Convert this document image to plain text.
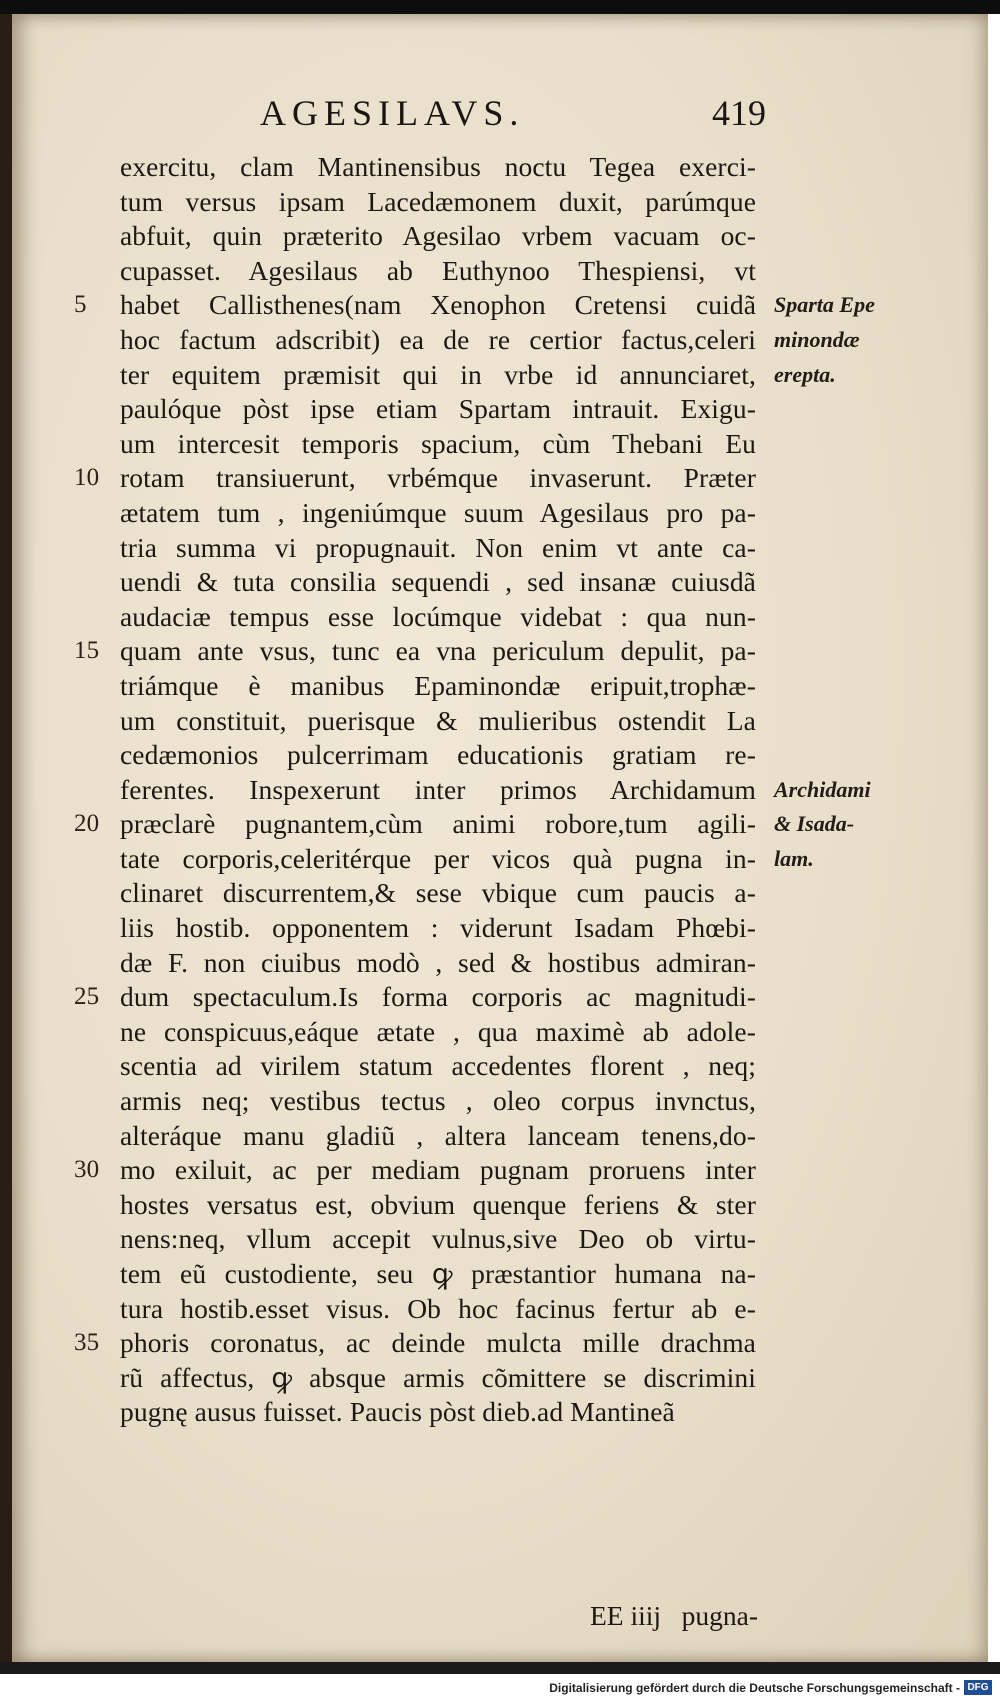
AGESILAVS.	419
exercitu, clam Mantinensibus noctu Tegea exerci-
tum versus ipsam Lacedæmonem duxit, parúmque
abfuit, quin præterito Agesilao vrbem vacuam oc-
cupasset. Agesilaus ab Euthynoo Thespiensi, vt
5	habet Callisthenes(nam Xenophon Cretensi cuidã
hoc factum adscribit) ea de re certior factus,celeri
ter equitem præmisit qui in vrbe id annunciaret,
paulóque pòst ipse etiam Spartam intrauit. Exigu-
um intercesit temporis spacium, cùm Thebani Eu
10 rotam transiuerunt, vrbémque invaserunt. Præter
ætatem tum , ingeniúmque suum Agesilaus pro pa-
tria summa vi propugnauit. Non enim vt ante ca-
uendi & tuta consilia sequendi , sed insanæ cuiusdã
audaciæ tempus esse locúmque videbat : qua nun-
15 quam ante vsus, tunc ea vna periculum depulit, pa-
triámque è manibus Epaminondæ eripuit,trophæ-
um constituit, puerisque & mulieribus ostendit La
cedæmonios pulcerrimam educationis gratiam re-
ferentes. Inspexerunt inter primos Archidamum
20 præclarè pugnantem,cùm animi robore,tum agili-
tate corporis,celeritérque per vicos quà pugna in-
clinaret discurrentem,& sese vbique cum paucis a-
liis hostib. opponentem : viderunt Isadam Phœbi-
dæ F. non ciuibus modò , sed & hostibus admiran-
25 dum spectaculum.Is forma corporis ac magnitudi-
ne conspicuus,eáque ætate , qua maximè ab adole-
scentia ad virilem statum accedentes florent , neq;
armis neq; vestibus tectus , oleo corpus invnctus,
alteráque manu gladiũ , altera lanceam tenens,do-
30 mo exiluit, ac per mediam pugnam proruens inter
hostes versatus est, obvium quenque feriens & ster
nens:neq, vllum accepit vulnus,sive Deo ob virtu-
tem eũ custodiente, seu ꝙ præstantior humana na-
tura hostib.esset visus. Ob hoc facinus fertur ab e-
35 phoris coronatus, ac deinde mulcta mille drachma
rũ affectus, ꝙ absque armis cõmittere se discrimini
pugnę ausus fuisset. Paucis pòst dieb.ad Mantineã
Sparta Epe
minondæ
erepta.
Archidami
& Isada-
lam.
EE iiij pugna-
Digitalisierung gefördert durch die Deutsche Forschungsgemeinschaft - DFG
